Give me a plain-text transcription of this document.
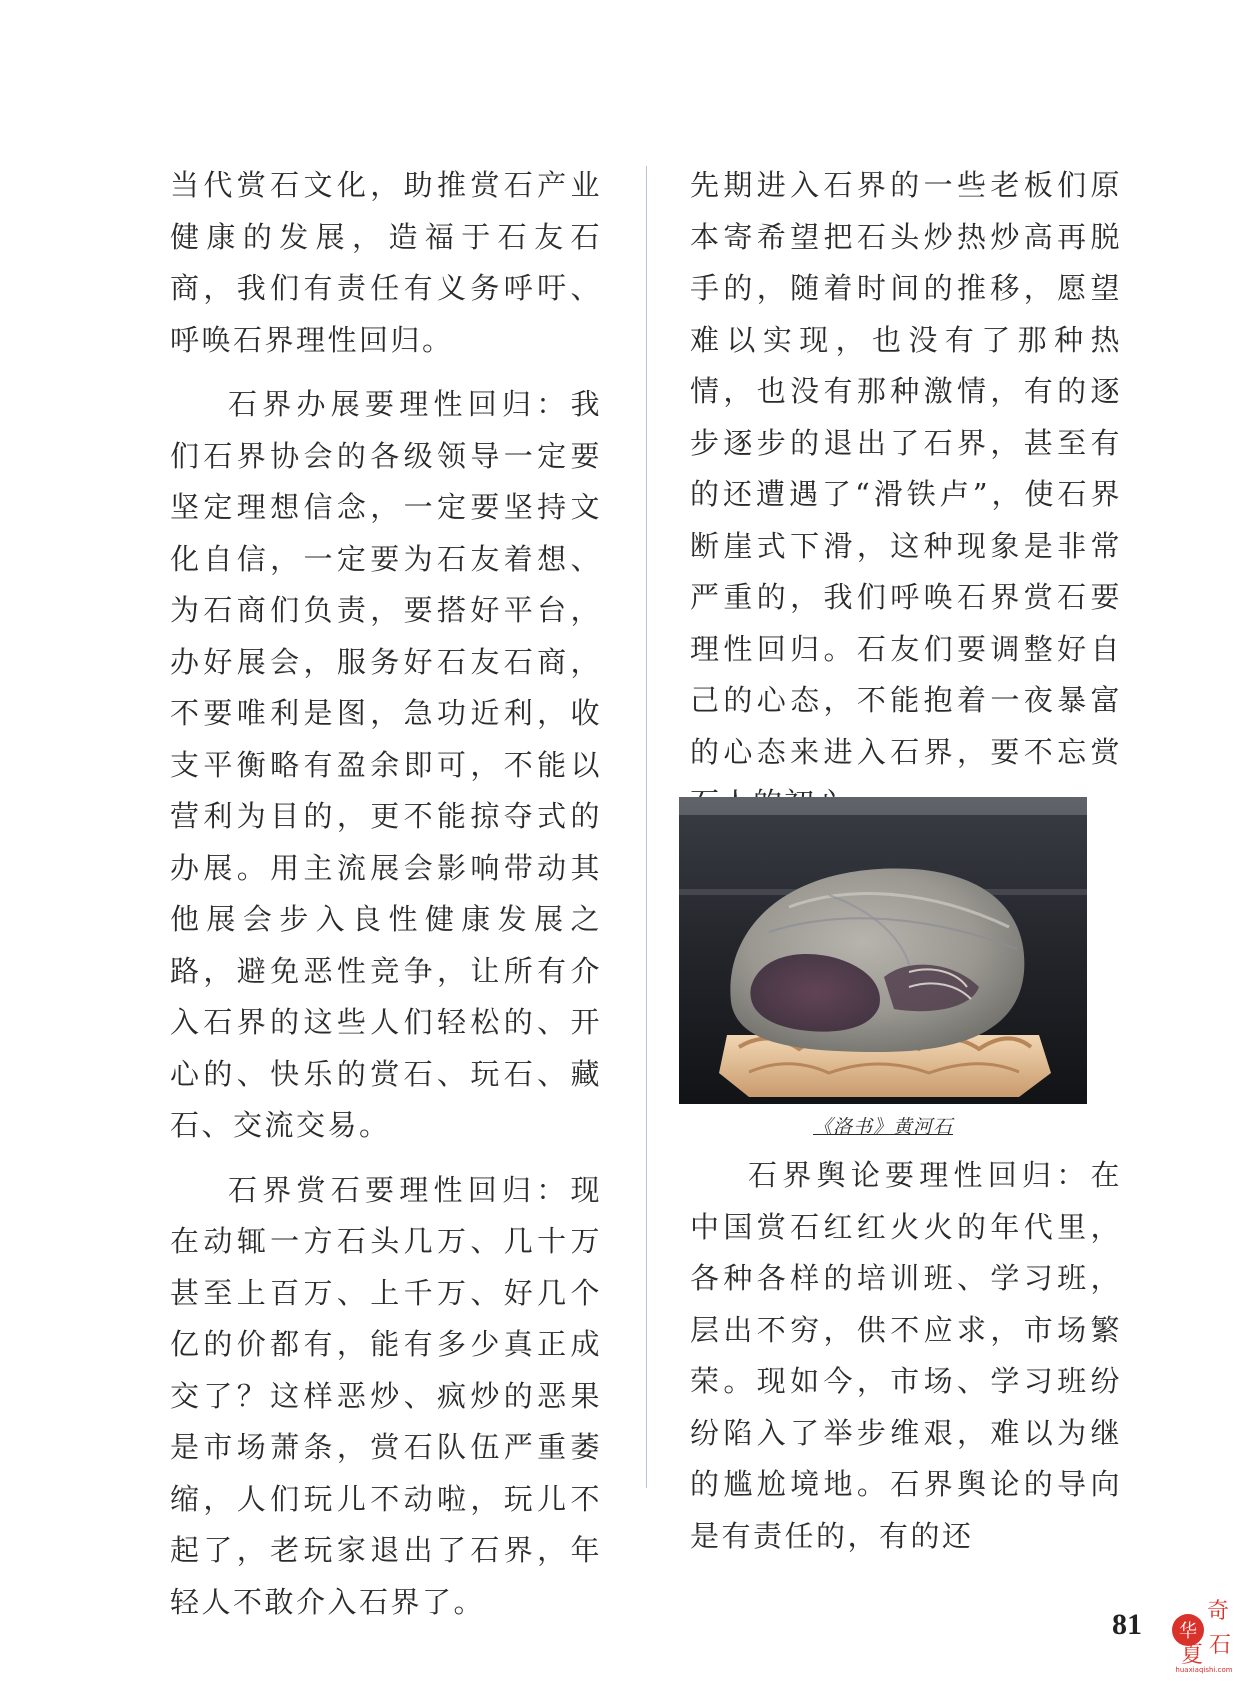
当代赏石文化，助推赏石产业健康的发展，造福于石友石商，我们有责任有义务呼吁、呼唤石界理性回归。

石界办展要理性回归：我们石界协会的各级领导一定要坚定理想信念，一定要坚持文化自信，一定要为石友着想、为石商们负责，要搭好平台，办好展会，服务好石友石商，不要唯利是图，急功近利，收支平衡略有盈余即可，不能以营利为目的，更不能掠夺式的办展。用主流展会影响带动其他展会步入良性健康发展之路，避免恶性竞争，让所有介入石界的这些人们轻松的、开心的、快乐的赏石、玩石、藏石、交流交易。

石界赏石要理性回归：现在动辄一方石头几万、几十万甚至上百万、上千万、好几个亿的价都有，能有多少真正成交了？这样恶炒、疯炒的恶果是市场萧条，赏石队伍严重萎缩，人们玩儿不动啦，玩儿不起了，老玩家退出了石界，年轻人不敢介入石界了。

先期进入石界的一些老板们原本寄希望把石头炒热炒高再脱手的，随着时间的推移，愿望难以实现，也没有了那种热情，也没有那种激情，有的逐步逐步的退出了石界，甚至有的还遭遇了“滑铁卢”，使石界断崖式下滑，这种现象是非常严重的，我们呼唤石界赏石要理性回归。石友们要调整好自己的心态，不能抱着一夜暴富的心态来进入石界，要不忘赏

《洛书》黄河石

石界舆论要理性回归：在中国赏石红红火火的年代里，各种各样的培训班、学习班，层出不穷，供不应求，市场繁荣。现如今，市场、学习班纷纷陷入了举步维艰，难以为继的尴尬境地。石界舆论的导向是有责任的，有的还

81 华
奇
夏 石
huaxiaqishi.com
